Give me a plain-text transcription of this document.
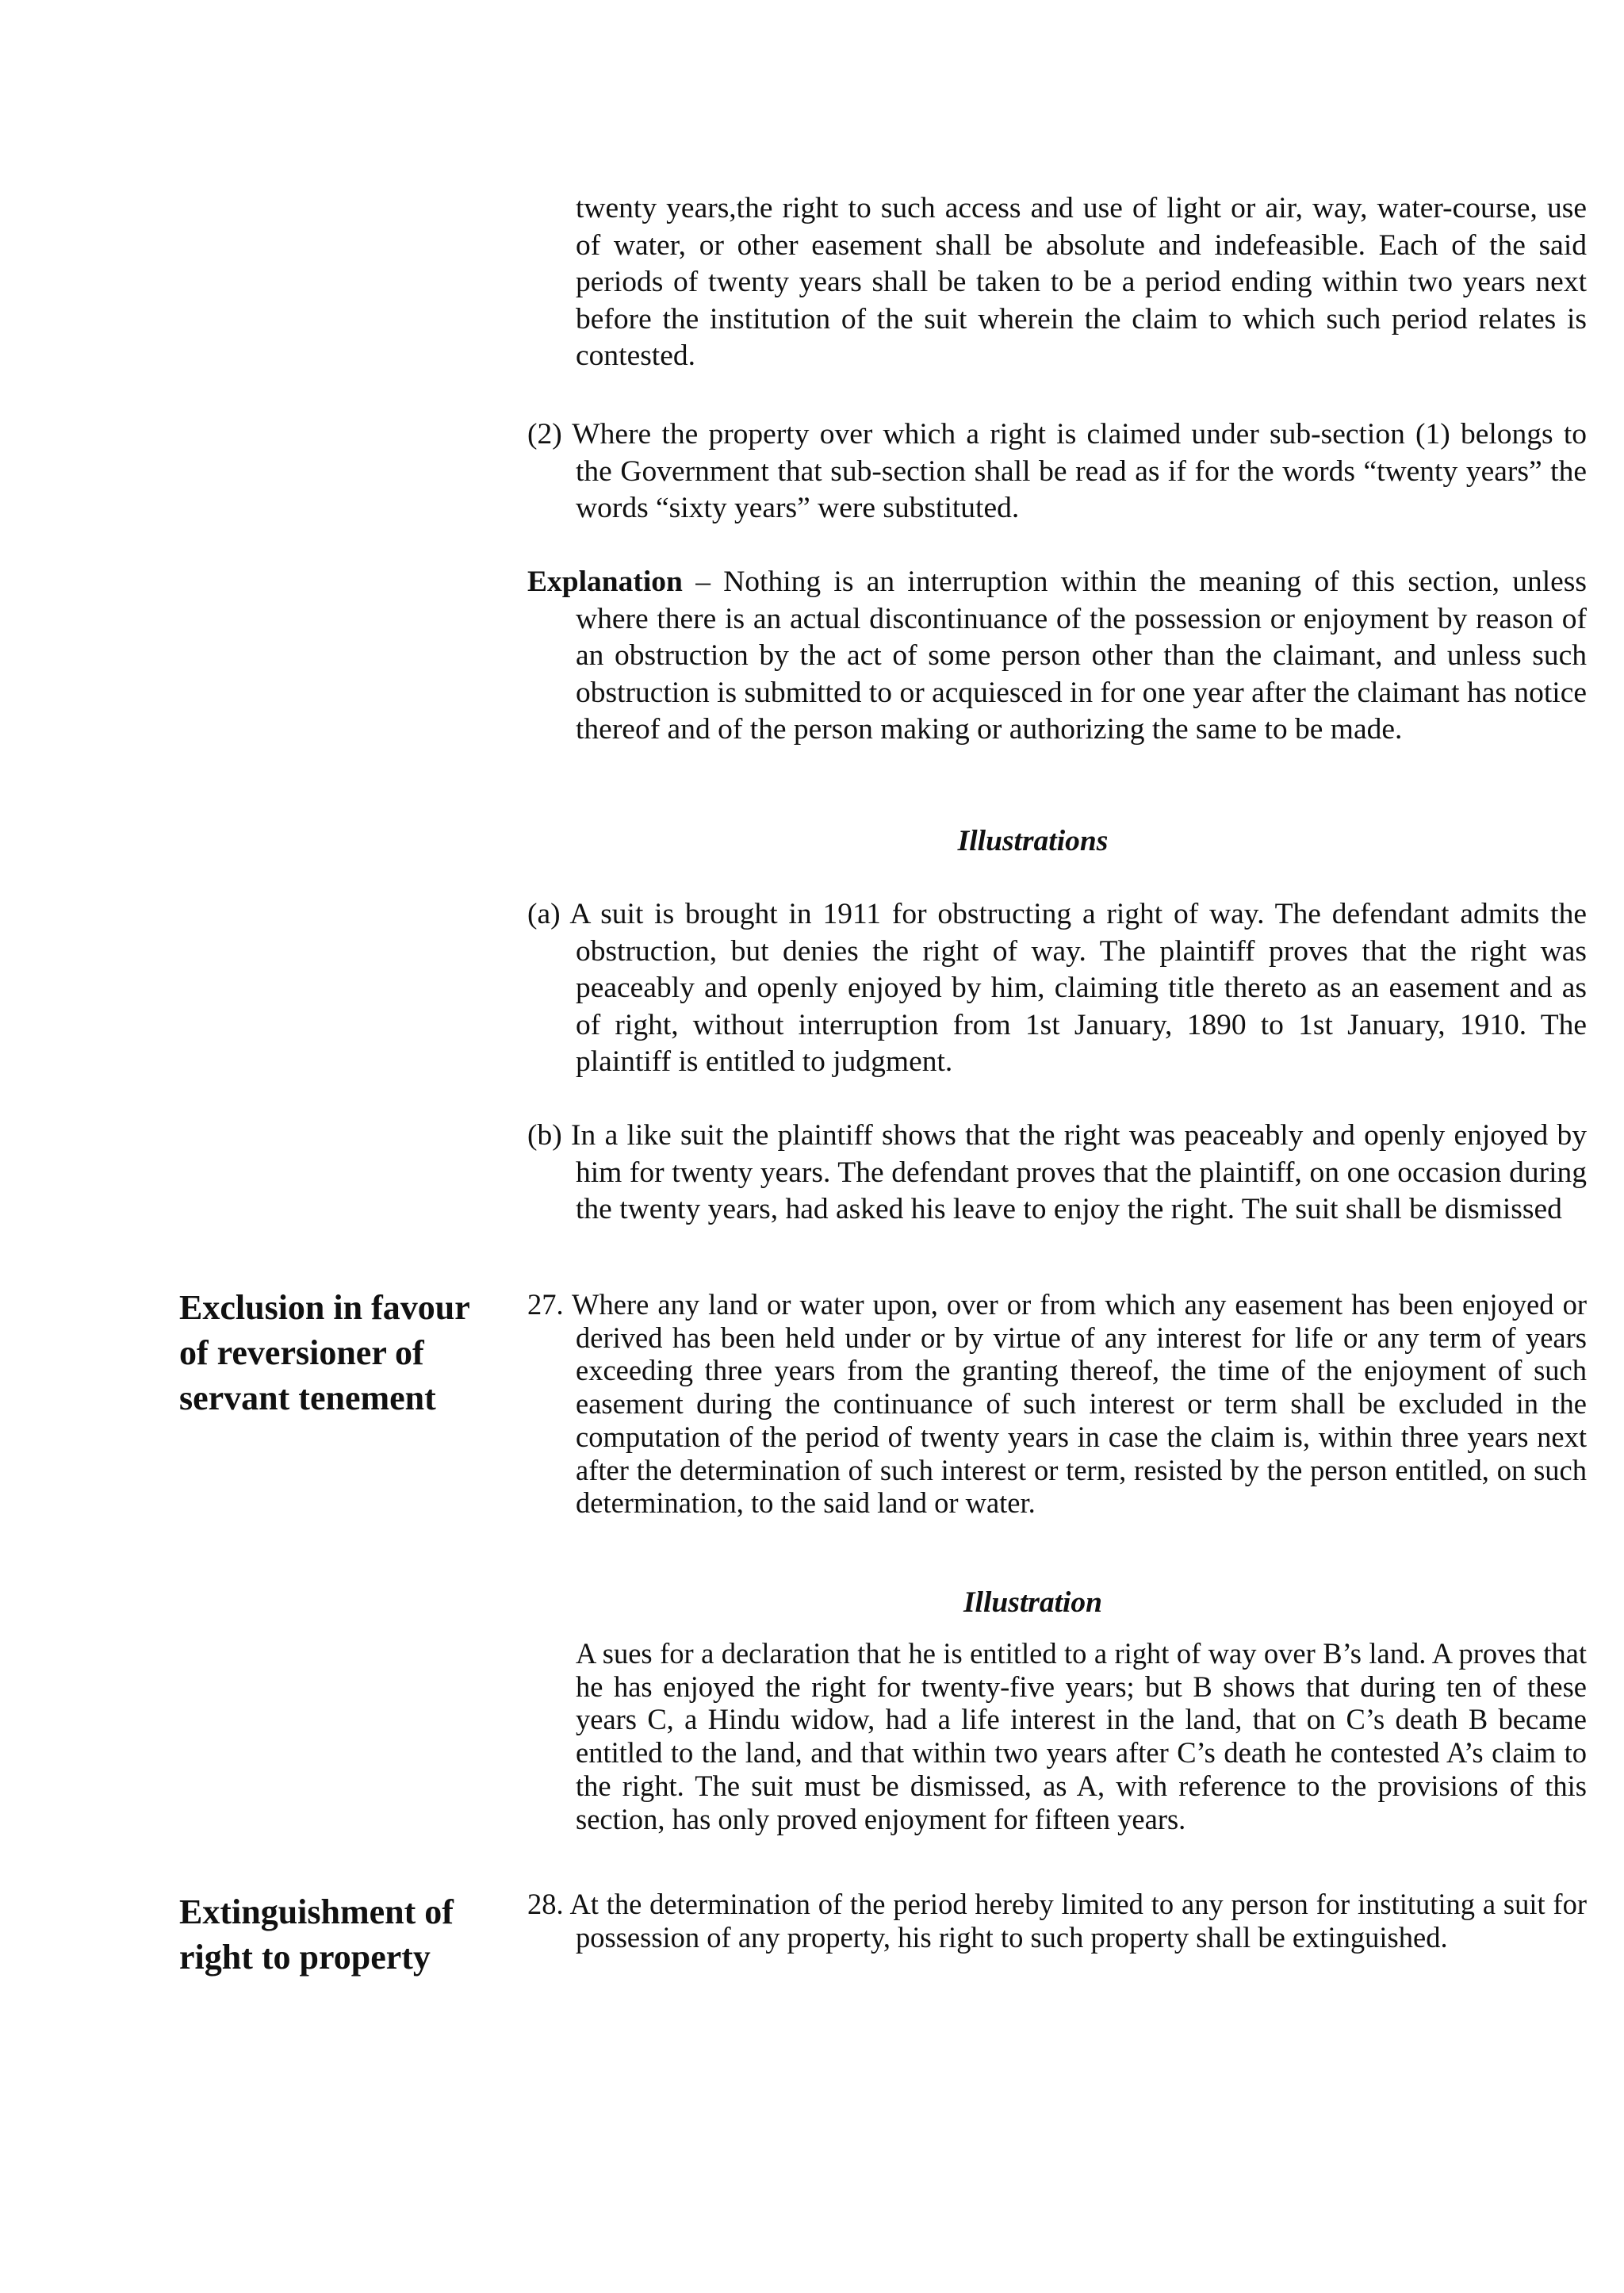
twenty years,the right to such access and use of light or air, way, water-course, use of water, or other easement shall be absolute and indefeasible. Each of the said periods of twenty years shall be taken to be a period ending within two years next before the institution of the suit wherein the claim to which such period relates is contested.
(2) Where the property over which a right is claimed under sub-section (1) belongs to the Government that sub-section shall be read as if for the words “twenty years” the words “sixty years” were substituted.
Explanation – Nothing is an interruption within the meaning of this section, unless where there is an actual discontinuance of the possession or enjoyment by reason of an obstruction by the act of some person other than the claimant, and unless such obstruction is submitted to or acquiesced in for one year after the claimant has notice thereof and of the person making or authorizing the same to be made.
Illustrations
(a) A suit is brought in 1911 for obstructing a right of way. The defendant admits the obstruction, but denies the right of way. The plaintiff proves that the right was peaceably and openly enjoyed by him, claiming title thereto as an easement and as of right, without interruption from 1st January, 1890 to 1st January, 1910. The plaintiff is entitled to judgment.
(b) In a like suit the plaintiff shows that the right was peaceably and openly enjoyed by him for twenty years. The defendant proves that the plaintiff, on one occasion during the twenty years, had asked his leave to enjoy the right. The suit shall be dismissed
Exclusion in favour of reversioner of servant tenement
27. Where any land or water upon, over or from which any easement has been enjoyed or derived has been held under or by virtue of any interest for life or any term of years exceeding three years from the granting thereof, the time of the enjoyment of such easement during the continuance of such interest or term shall be excluded in the computation of the period of twenty years in case the claim is, within three years next after the determination of such interest or term, resisted by the person entitled, on such determination, to the said land or water.
Illustration
A sues for a declaration that he is entitled to a right of way over B’s land. A proves that he has enjoyed the right for twenty-five years; but B shows that during ten of these years C, a Hindu widow, had a life interest in the land, that on C’s death B became entitled to the land, and that within two years after C’s death he contested A’s claim to the right. The suit must be dismissed, as A, with reference to the provisions of this section, has only proved enjoyment for fifteen years.
Extinguishment of right to property
28. At the determination of the period hereby limited to any person for instituting a suit for possession of any property, his right to such property shall be extinguished.
